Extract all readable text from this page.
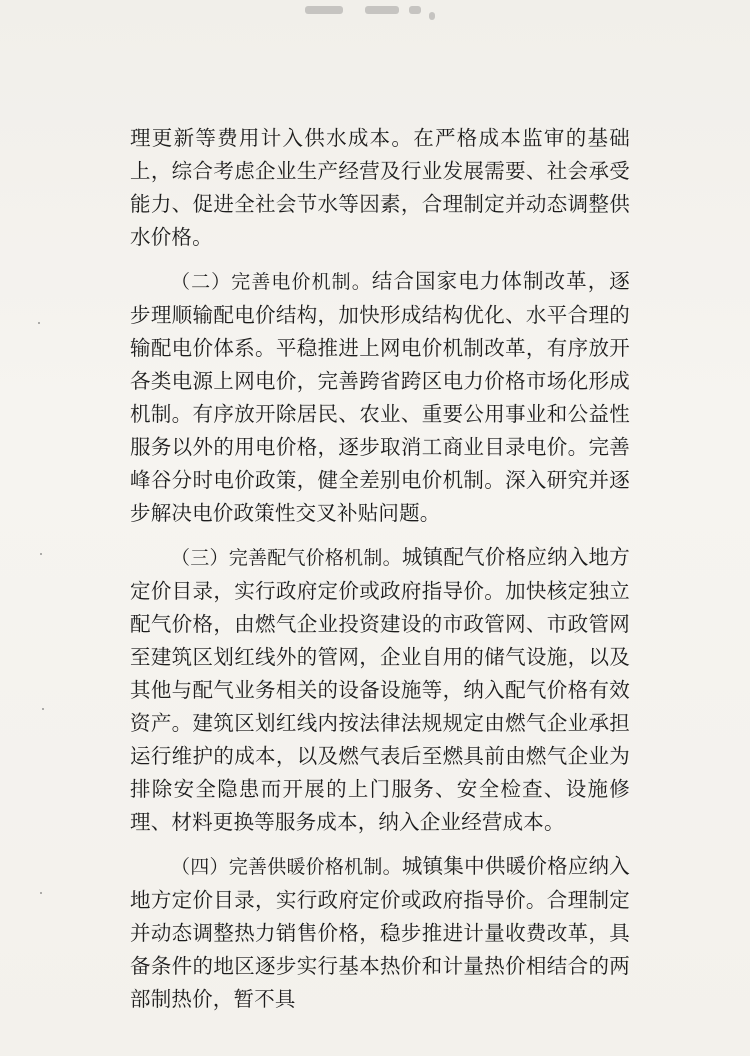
理更新等费用计入供水成本。在严格成本监审的基础上，综合考虑企业生产经营及行业发展需要、社会承受能力、促进全社会节水等因素，合理制定并动态调整供水价格。

（二）完善电价机制。结合国家电力体制改革，逐步理顺输配电价结构，加快形成结构优化、水平合理的输配电价体系。平稳推进上网电价机制改革，有序放开各类电源上网电价，完善跨省跨区电力价格市场化形成机制。有序放开除居民、农业、重要公用事业和公益性服务以外的用电价格，逐步取消工商业目录电价。完善峰谷分时电价政策，健全差别电价机制。深入研究并逐步解决电价政策性交叉补贴问题。

（三）完善配气价格机制。城镇配气价格应纳入地方定价目录，实行政府定价或政府指导价。加快核定独立配气价格，由燃气企业投资建设的市政管网、市政管网至建筑区划红线外的管网，企业自用的储气设施，以及其他与配气业务相关的设备设施等，纳入配气价格有效资产。建筑区划红线内按法律法规规定由燃气企业承担运行维护的成本，以及燃气表后至燃具前由燃气企业为排除安全隐患而开展的上门服务、安全检查、设施修理、材料更换等服务成本，纳入企业经营成本。

（四）完善供暖价格机制。城镇集中供暖价格应纳入地方定价目录，实行政府定价或政府指导价。合理制定并动态调整热力销售价格，稳步推进计量收费改革，具备条件的地区逐步实行基本热价和计量热价相结合的两部制热价，暂不具
